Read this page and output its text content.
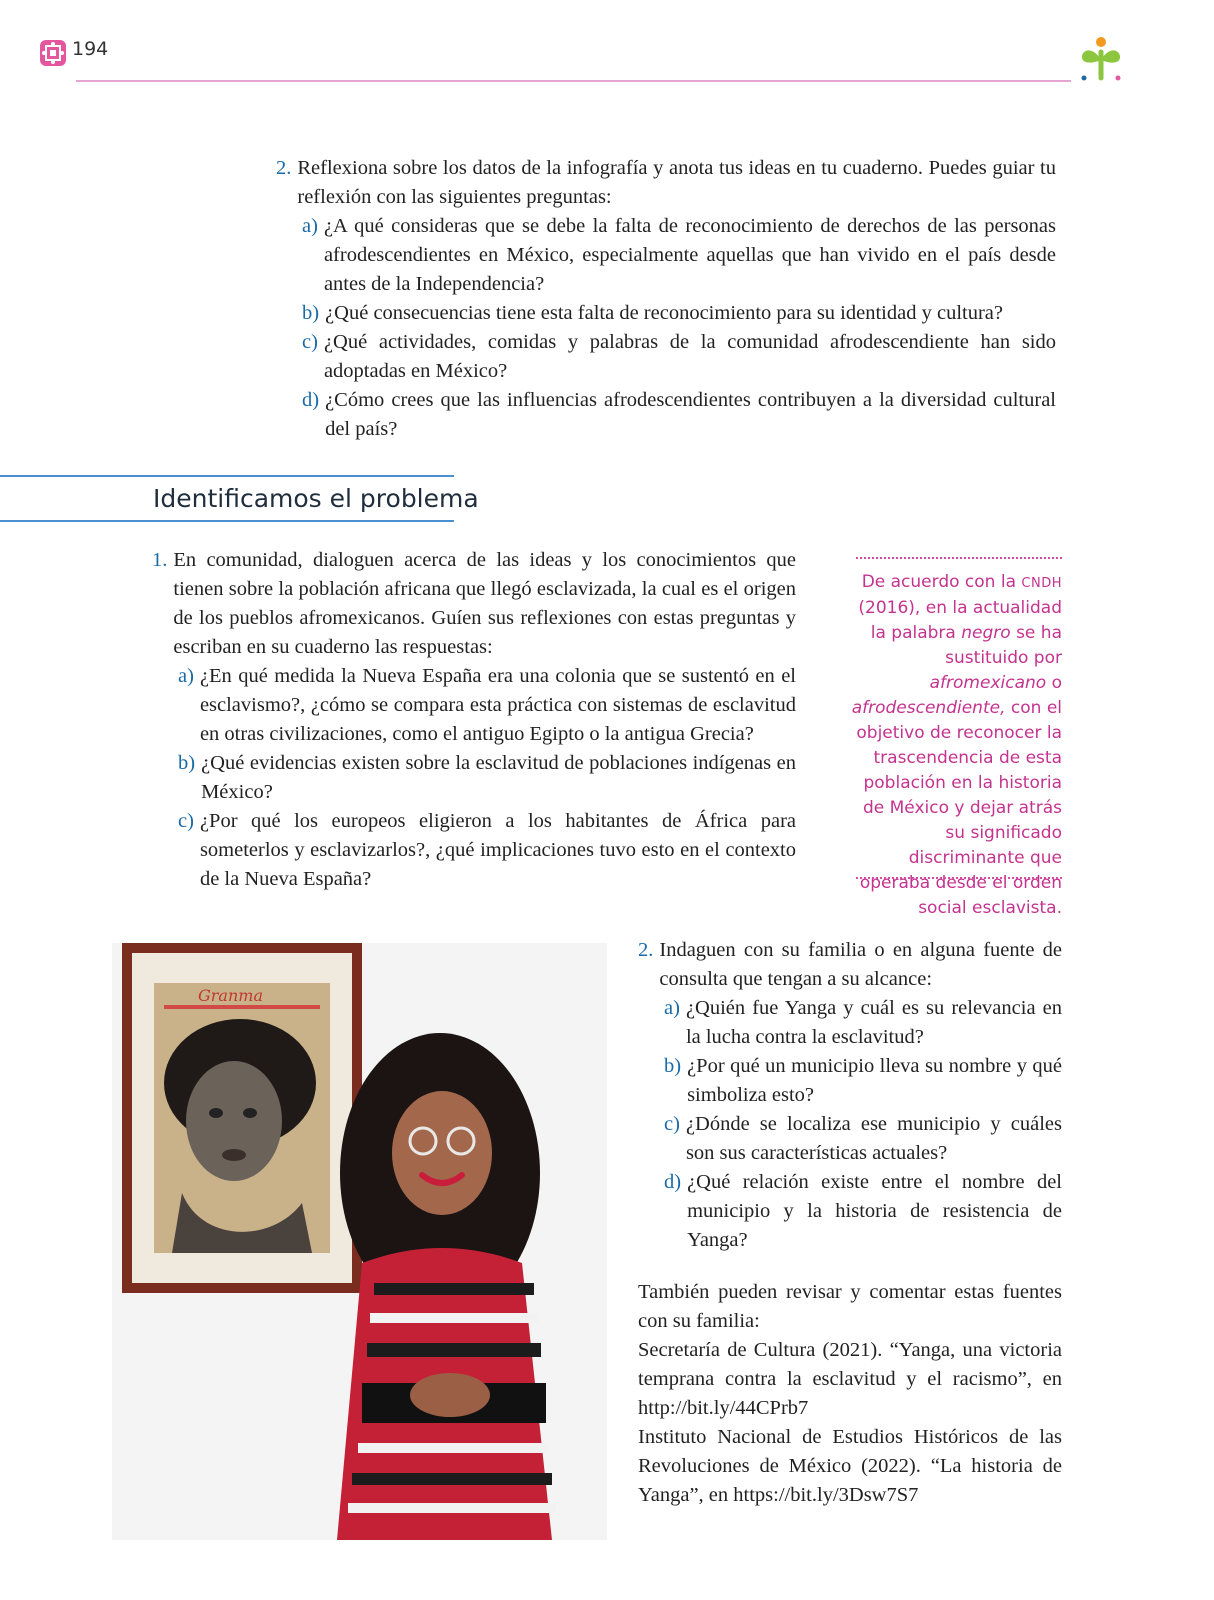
194
2. Reflexiona sobre los datos de la infografía y anota tus ideas en tu cuaderno. Puedes guiar tu reflexión con las siguientes preguntas:
a) ¿A qué consideras que se debe la falta de reconocimiento de derechos de las personas afrodescendientes en México, especialmente aquellas que han vivido en el país desde antes de la Independencia?
b) ¿Qué consecuencias tiene esta falta de reconocimiento para su identidad y cultura?
c) ¿Qué actividades, comidas y palabras de la comunidad afrodescendiente han sido adoptadas en México?
d) ¿Cómo crees que las influencias afrodescendientes contribuyen a la diversidad cultural del país?
Identificamos el problema
1. En comunidad, dialoguen acerca de las ideas y los conocimientos que tienen sobre la población africana que llegó esclavizada, la cual es el origen de los pueblos afromexicanos. Guíen sus reflexiones con estas preguntas y escriban en su cuaderno las respuestas:
a) ¿En qué medida la Nueva España era una colonia que se sustentó en el esclavismo?, ¿cómo se compara esta práctica con sistemas de esclavitud en otras civilizaciones, como el antiguo Egipto o la antigua Grecia?
b) ¿Qué evidencias existen sobre la esclavitud de poblaciones indígenas en México?
c) ¿Por qué los europeos eligieron a los habitantes de África para someterlos y esclavizarlos?, ¿qué implicaciones tuvo esto en el contexto de la Nueva España?
De acuerdo con la CNDH (2016), en la actualidad la palabra negro se ha sustituido por afromexicano o afrodescendiente, con el objetivo de reconocer la trascendencia de esta población en la historia de México y dejar atrás su significado discriminante que operaba desde el orden social esclavista.
Granma
2. Indaguen con su familia o en alguna fuente de consulta que tengan a su alcance:
a) ¿Quién fue Yanga y cuál es su relevancia en la lucha contra la esclavitud?
b) ¿Por qué un municipio lleva su nombre y qué simboliza esto?
c) ¿Dónde se localiza ese municipio y cuáles son sus características actuales?
d) ¿Qué relación existe entre el nombre del municipio y la historia de resistencia de Yanga?
También pueden revisar y comentar estas fuentes con su familia:
Secretaría de Cultura (2021). “Yanga, una victoria temprana contra la esclavitud y el racismo”, en http://bit.ly/44CPrb7
Instituto Nacional de Estudios Históricos de las Revoluciones de México (2022). “La historia de Yanga”, en https://bit.ly/3Dsw7S7
